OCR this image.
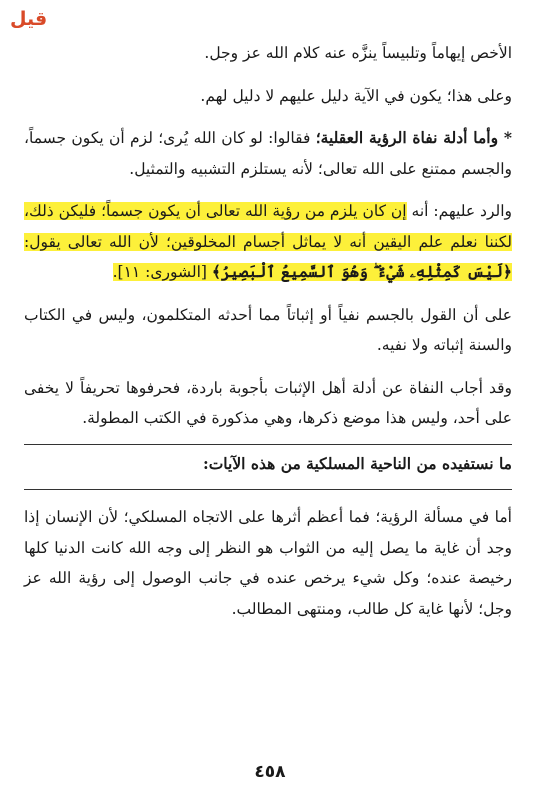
قيل

الأخص إيهاماً وتلبيساً ينزَّه عنه كلام الله عز وجل.

وعلى هذا؛ يكون في الآية دليل عليهم لا دليل لهم.

* وأما أدلة نفاة الرؤية العقلية؛ فقالوا: لو كان الله يُرى؛ لزم أن يكون جسماً، والجسم ممتنع على الله تعالى؛ لأنه يستلزم التشبيه والتمثيل.

والرد عليهم: أنه إن كان يلزم من رؤية الله تعالى أن يكون جسماً؛ فليكن ذلك، لكننا نعلم علم اليقين أنه لا يماثل أجسام المخلوقين؛ لأن الله تعالى يقول: ﴿لَيْسَ كَمِثْلِهِۦ شَيْءٌ ۖ وَهُوَ ٱلسَّمِيعُ ٱلْبَصِيرُ﴾ [الشورى: ١١].

على أن القول بالجسم نفياً أو إثباتاً مما أحدثه المتكلمون، وليس في الكتاب والسنة إثباته ولا نفيه.

وقد أجاب النفاة عن أدلة أهل الإثبات بأجوبة باردة، فحرفوها تحريفاً لا يخفى على أحد، وليس هذا موضع ذكرها، وهي مذكورة في الكتب المطولة.

ما نستفيده من الناحية المسلكية من هذه الآيات:

أما في مسألة الرؤية؛ فما أعظم أثرها على الاتجاه المسلكي؛ لأن الإنسان إذا وجد أن غاية ما يصل إليه من الثواب هو النظر إلى وجه الله كانت الدنيا كلها رخيصة عنده؛ وكل شيء يرخص عنده في جانب الوصول إلى رؤية الله عز وجل؛ لأنها غاية كل طالب، ومنتهى المطالب.

٤٥٨
